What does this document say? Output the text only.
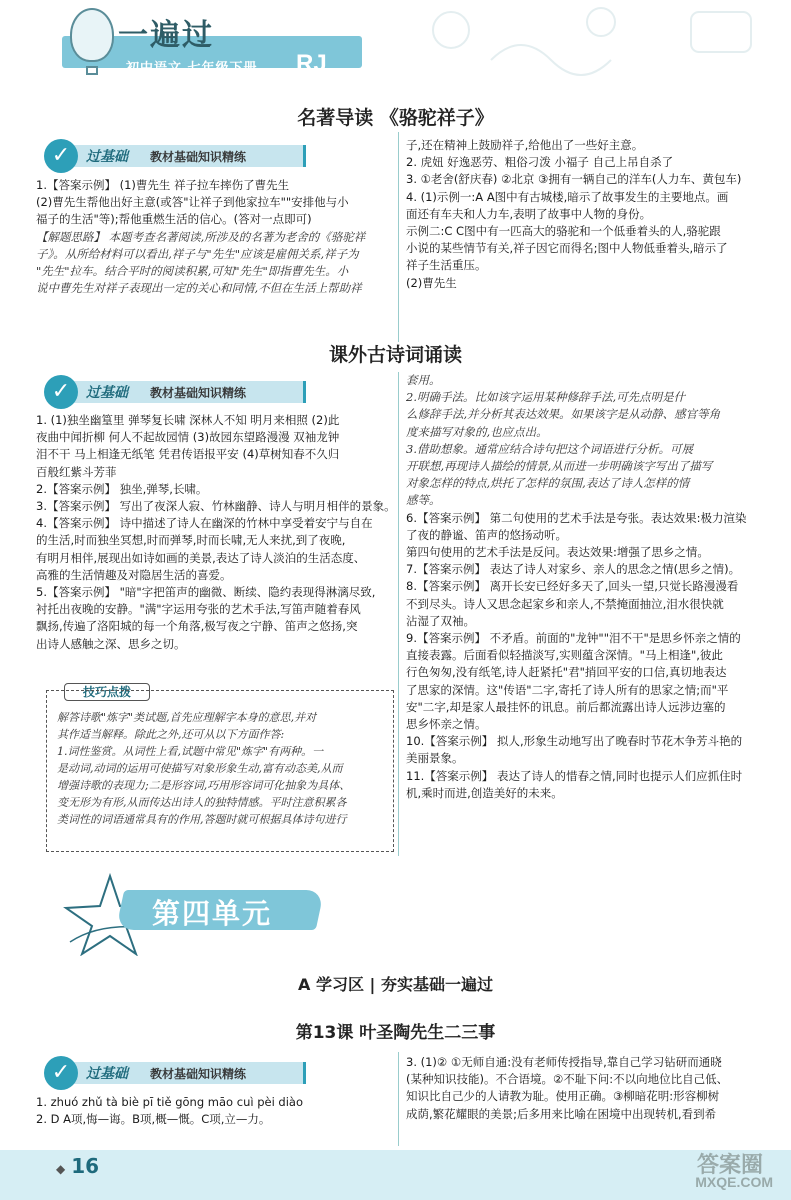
一遍过
初中语文 七年级下册 RJ
名著导读 《骆驼祥子》
过基础 教材基础知识精练
✓

1.【答案示例】 (1)曹先生 祥子拉车摔伤了曹先生

(2)曹先生帮他出好主意(或答"让祥子到他家拉车""安排他与小

福子的生活"等);帮他重燃生活的信心。(答对一点即可)

【解题思路】 本题考查名著阅读,所涉及的名著为老舍的《骆驼祥

子》。从所给材料可以看出,祥子与"先生"应该是雇佣关系,祥子为

"先生"拉车。结合平时的阅读积累,可知"先生"即指曹先生。小

说中曹先生对祥子表现出一定的关心和同情,不但在生活上帮助祥

子,还在精神上鼓励祥子,给他出了一些好主意。

2. 虎妞 好逸恶劳、粗俗刁泼 小福子 自己上吊自杀了

3. ①老舍(舒庆春) ②北京 ③拥有一辆自己的洋车(人力车、黄包车)

4. (1)示例一:A A图中有古城楼,暗示了故事发生的主要地点。画

面还有车夫和人力车,表明了故事中人物的身份。

示例二:C C图中有一匹高大的骆驼和一个低垂着头的人,骆驼跟

小说的某些情节有关,祥子因它而得名;图中人物低垂着头,暗示了

祥子生活重压。

(2)曹先生

课外古诗词诵读
过基础 教材基础知识精练
✓

1. (1)独坐幽篁里 弹琴复长啸 深林人不知 明月来相照 (2)此

夜曲中闻折柳 何人不起故园情 (3)故园东望路漫漫 双袖龙钟

泪不干 马上相逢无纸笔 凭君传语报平安 (4)草树知春不久归

百般红紫斗芳菲

2.【答案示例】 独坐,弹琴,长啸。

3.【答案示例】 写出了夜深人寂、竹林幽静、诗人与明月相伴的景象。

4.【答案示例】 诗中描述了诗人在幽深的竹林中享受着安宁与自在

的生活,时而独坐冥想,时而弹琴,时而长啸,无人来扰,到了夜晚,

有明月相伴,展现出如诗如画的美景,表达了诗人淡泊的生活态度、

高雅的生活情趣及对隐居生活的喜爱。

5.【答案示例】 "暗"字把笛声的幽微、断续、隐约表现得淋漓尽致,

衬托出夜晚的安静。"满"字运用夸张的艺术手法,写笛声随着春风

飘扬,传遍了洛阳城的每一个角落,极写夜之宁静、笛声之悠扬,突

出诗人感触之深、思乡之切。

技巧点拨

解答诗歌"炼字"类试题,首先应理解字本身的意思,并对

其作适当解释。除此之外,还可从以下方面作答:

1.词性鉴赏。从词性上看,试题中常见"炼字"有两种。一

是动词,动词的运用可使描写对象形象生动,富有动态美,从而

增强诗歌的表现力;二是形容词,巧用形容词可化抽象为具体、

变无形为有形,从而传达出诗人的独特情感。平时注意积累各

类词性的词语通常具有的作用,答题时就可根据具体诗句进行

套用。

2.明确手法。比如该字运用某种修辞手法,可先点明是什

么修辞手法,并分析其表达效果。如果该字是从动静、感官等角

度来描写对象的,也应点出。

3.借助想象。通常应结合诗句把这个词语进行分析。可展

开联想,再现诗人描绘的情景,从而进一步明确该字写出了描写

对象怎样的特点,烘托了怎样的氛围,表达了诗人怎样的情

感等。

6.【答案示例】 第二句使用的艺术手法是夸张。表达效果:极力渲染

了夜的静谧、笛声的悠扬动听。

第四句使用的艺术手法是反问。表达效果:增强了思乡之情。

7.【答案示例】 表达了诗人对家乡、亲人的思念之情(思乡之情)。

8.【答案示例】 离开长安已经好多天了,回头一望,只觉长路漫漫看

不到尽头。诗人又思念起家乡和亲人,不禁掩面抽泣,泪水很快就

沾湿了双袖。

9.【答案示例】 不矛盾。前面的"龙钟""泪不干"是思乡怀亲之情的

直接表露。后面看似轻描淡写,实则蕴含深情。"马上相逢",彼此

行色匆匆,没有纸笔,诗人赶紧托"君"捎回平安的口信,真切地表达

了思家的深情。这"传语"二字,寄托了诗人所有的思家之情;而"平

安"二字,却是家人最挂怀的讯息。前后都流露出诗人远涉边塞的

思乡怀亲之情。

10.【答案示例】 拟人,形象生动地写出了晚春时节花木争芳斗艳的

美丽景象。

11.【答案示例】 表达了诗人的惜春之情,同时也提示人们应抓住时

机,乘时而进,创造美好的未来。

第四单元
A 学习区 | 夯实基础一遍过
第13课 叶圣陶先生二三事
过基础 教材基础知识精练
✓

1. zhuó zhǔ tà biè pī tiě gōng māo cuì pèi diào

2. D A项,悔—诲。B项,概—慨。C项,立—力。

3. (1)② ①无师自通:没有老师传授指导,靠自己学习钻研而通晓

(某种知识技能)。不合语境。②不耻下问:不以向地位比自己低、

知识比自己少的人请教为耻。使用正确。③柳暗花明:形容柳树

成荫,繁花耀眼的美景;后多用来比喻在困境中出现转机,看到希

◆ 16	答案圈
MXQE.COM
